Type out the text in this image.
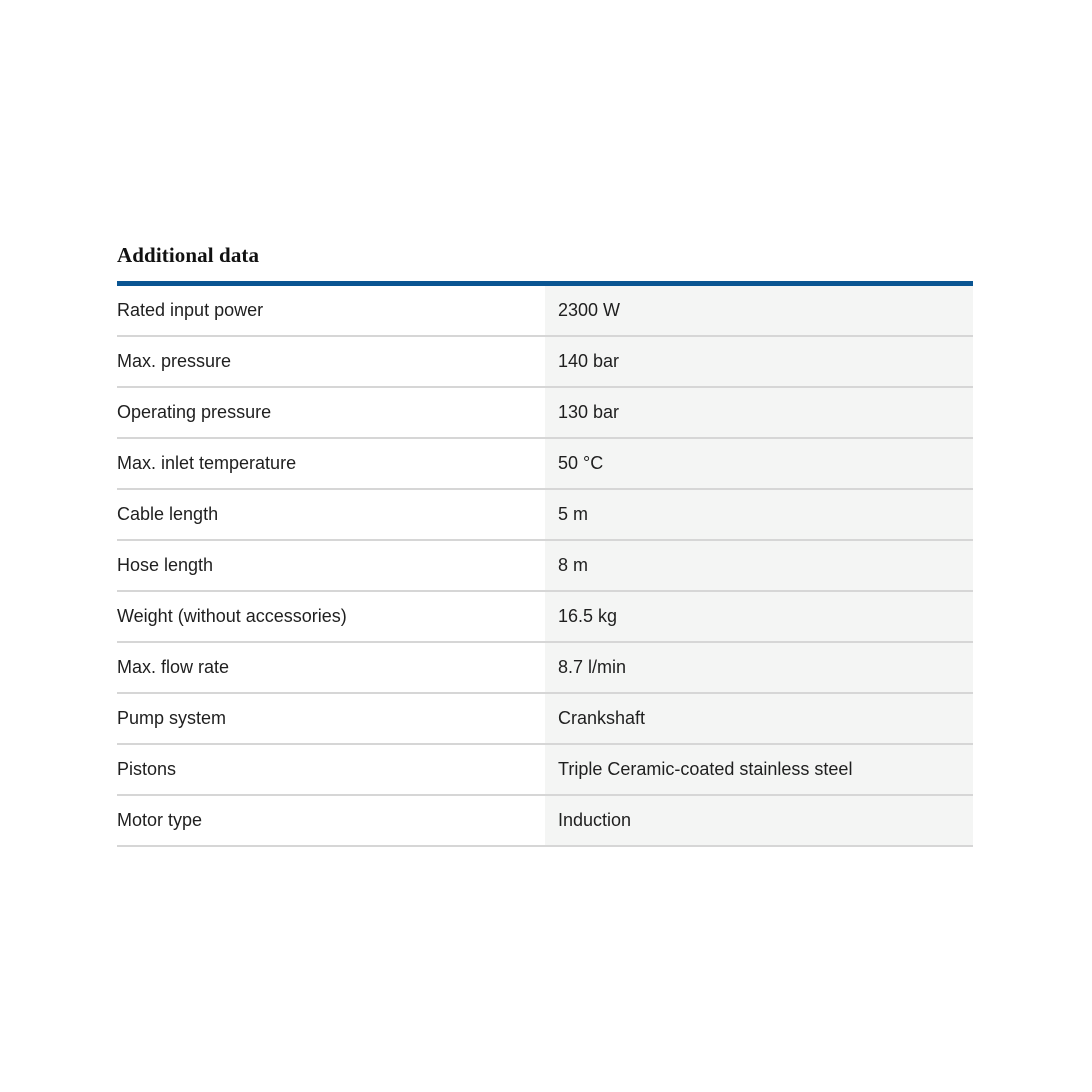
Additional data
Rated input power	2300 W
Max. pressure	140 bar
Operating pressure	130 bar
Max. inlet temperature	50 °C
Cable length	5 m
Hose length	8 m
Weight (without accessories)	16.5 kg
Max. flow rate	8.7 l/min
Pump system	Crankshaft
Pistons	Triple Ceramic-coated stainless steel
Motor type	Induction
